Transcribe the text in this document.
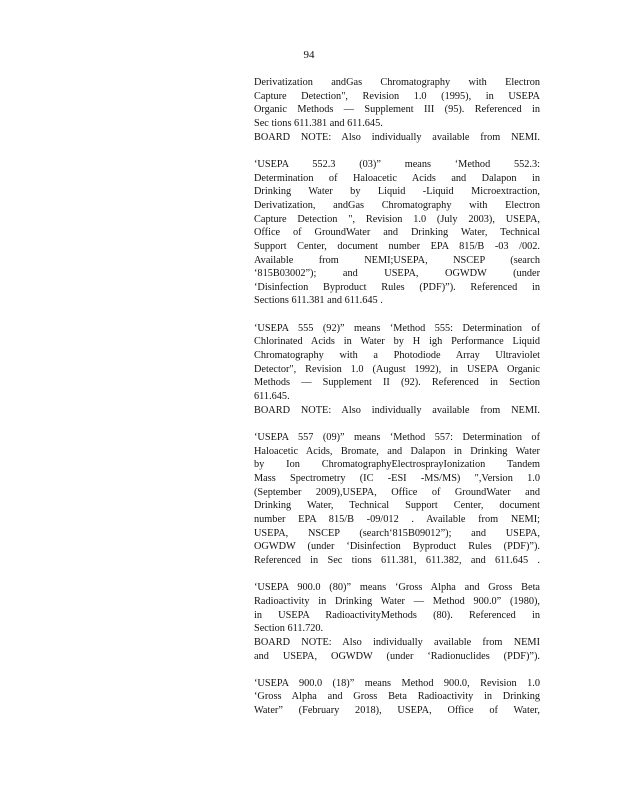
94
Derivatization andGas Chromatography with Electron
Capture Detection", Revision 1.0 (1995), in USEPA
Organic Methods — Supplement III (95). Referenced in
Sec tions 611.381 and 611.645.
BOARD NOTE: Also individually available from NEMI.
‘USEPA 552.3 (03)” means ‘Method 552.3:
Determination of Haloacetic Acids and Dalapon in
Drinking Water by Liquid -Liquid Microextraction,
Derivatization, andGas Chromatography with Electron
Capture Detection ", Revision 1.0 (July 2003), USEPA,
Office of GroundWater and Drinking Water, Technical
Support Center, document number EPA 815/B -03 /002.
Available from NEMI;USEPA, NSCEP (search
‘815B03002”); and USEPA, OGWDW (under
‘Disinfection Byproduct Rules (PDF)”). Referenced in
Sections 611.381 and 611.645 .
‘USEPA 555 (92)” means ‘Method 555: Determination of
Chlorinated Acids in Water by H igh Performance Liquid
Chromatography with a Photodiode Array Ultraviolet
Detector", Revision 1.0 (August 1992), in USEPA Organic
Methods — Supplement II (92). Referenced in Section
611.645.
BOARD NOTE: Also individually available from NEMI.
‘USEPA 557 (09)” means ‘Method 557: Determination of
Haloacetic Acids, Bromate, and Dalapon in Drinking Water
by Ion ChromatographyElectrosprayIonization Tandem
Mass Spectrometry (IC -ESI -MS/MS) ",Version 1.0
(September 2009),USEPA, Office of GroundWater and
Drinking Water, Technical Support Center, document
number EPA 815/B -09/012 . Available from NEMI;
USEPA, NSCEP (search‘815B09012”); and USEPA,
OGWDW (under ‘Disinfection Byproduct Rules (PDF)”).
Referenced in Sec tions 611.381, 611.382, and 611.645 .
‘USEPA 900.0 (80)” means ‘Gross Alpha and Gross Beta
Radioactivity in Drinking Water — Method 900.0” (1980),
in USEPA RadioactivityMethods (80). Referenced in
Section 611.720.
BOARD NOTE: Also individually available from NEMI
and USEPA, OGWDW (under ‘Radionuclides (PDF)”).
‘USEPA 900.0 (18)” means Method 900.0, Revision 1.0
‘Gross Alpha and Gross Beta Radioactivity in Drinking
Water” (February 2018), USEPA, Office of Water,
